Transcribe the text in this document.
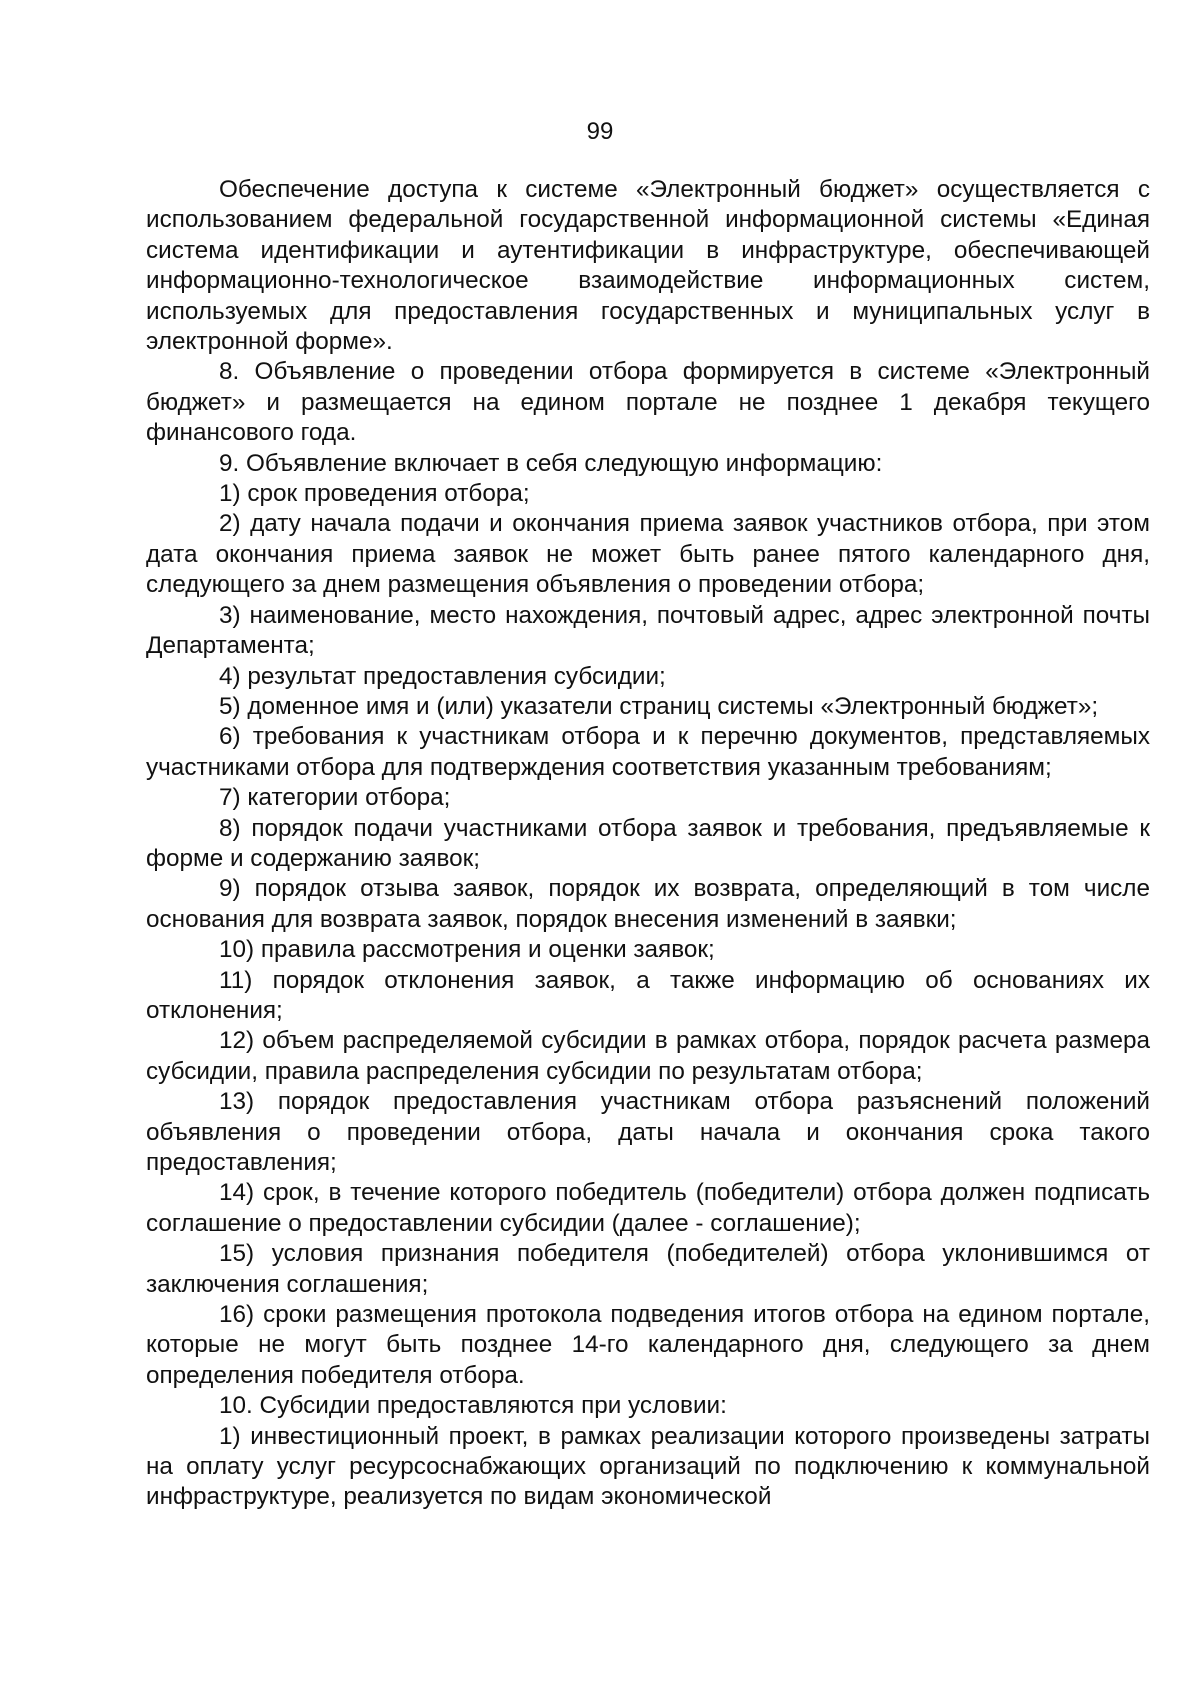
99

Обеспечение доступа к системе «Электронный бюджет» осуществляется с использованием федеральной государственной информационной системы «Единая система идентификации и аутентификации в инфраструктуре, обеспечивающей информационно-технологическое взаимодействие информационных систем, используемых для предоставления государственных и муниципальных услуг в электронной форме».

8. Объявление о проведении отбора формируется в системе «Электронный бюджет» и размещается на едином портале не позднее 1 декабря текущего финансового года.

9. Объявление включает в себя следующую информацию:

1) срок проведения отбора;

2) дату начала подачи и окончания приема заявок участников отбора, при этом дата окончания приема заявок не может быть ранее пятого календарного дня, следующего за днем размещения объявления о проведении отбора;

3) наименование, место нахождения, почтовый адрес, адрес электронной почты Департамента;

4) результат предоставления субсидии;

5) доменное имя и (или) указатели страниц системы «Электронный бюджет»;

6) требования к участникам отбора и к перечню документов, представляемых участниками отбора для подтверждения соответствия указанным требованиям;

7) категории отбора;

8) порядок подачи участниками отбора заявок и требования, предъявляемые к форме и содержанию заявок;

9) порядок отзыва заявок, порядок их возврата, определяющий в том числе основания для возврата заявок, порядок внесения изменений в заявки;

10) правила рассмотрения и оценки заявок;

11) порядок отклонения заявок, а также информацию об основаниях их отклонения;

12) объем распределяемой субсидии в рамках отбора, порядок расчета размера субсидии, правила распределения субсидии по результатам отбора;

13) порядок предоставления участникам отбора разъяснений положений объявления о проведении отбора, даты начала и окончания срока такого предоставления;

14) срок, в течение которого победитель (победители) отбора должен подписать соглашение о предоставлении субсидии (далее - соглашение);

15) условия признания победителя (победителей) отбора уклонившимся от заключения соглашения;

16) сроки размещения протокола подведения итогов отбора на едином портале, которые не могут быть позднее 14-го календарного дня, следующего за днем определения победителя отбора.

10. Субсидии предоставляются при условии:

1) инвестиционный проект, в рамках реализации которого произведены затраты на оплату услуг ресурсоснабжающих организаций по подключению к коммунальной инфраструктуре, реализуется по видам экономической
